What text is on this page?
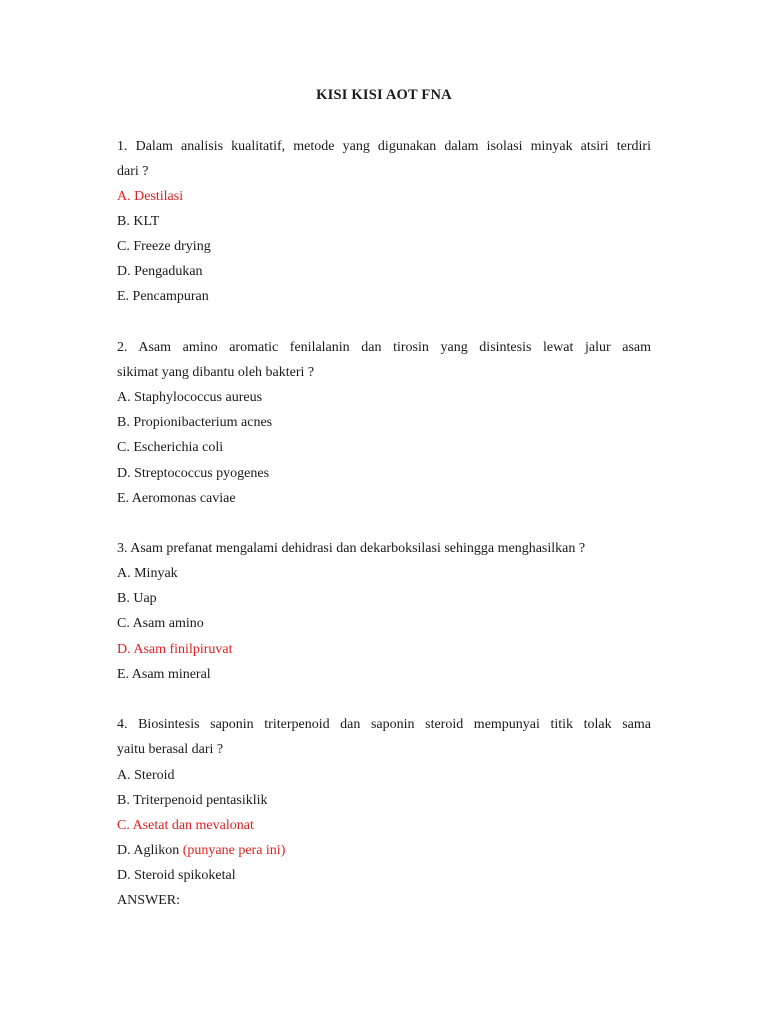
KISI KISI AOT FNA
1. Dalam analisis kualitatif, metode yang digunakan dalam isolasi minyak atsiri terdiri
dari ?
A. Destilasi
B. KLT
C. Freeze drying
D. Pengadukan
E. Pencampuran
2. Asam amino aromatic fenilalanin dan tirosin yang disintesis lewat jalur asam
sikimat yang dibantu oleh bakteri ?
A. Staphylococcus aureus
B. Propionibacterium acnes
C. Escherichia coli
D. Streptococcus pyogenes
E. Aeromonas caviae
3. Asam prefanat mengalami dehidrasi dan dekarboksilasi sehingga menghasilkan ?
A. Minyak
B. Uap
C. Asam amino
D. Asam finilpiruvat
E. Asam mineral
4. Biosintesis saponin triterpenoid dan saponin steroid mempunyai titik tolak sama
yaitu berasal dari ?
A. Steroid
B. Triterpenoid pentasiklik
C. Asetat dan mevalonat
D. Aglikon (punyane pera ini)
D. Steroid spikoketal
ANSWER:
